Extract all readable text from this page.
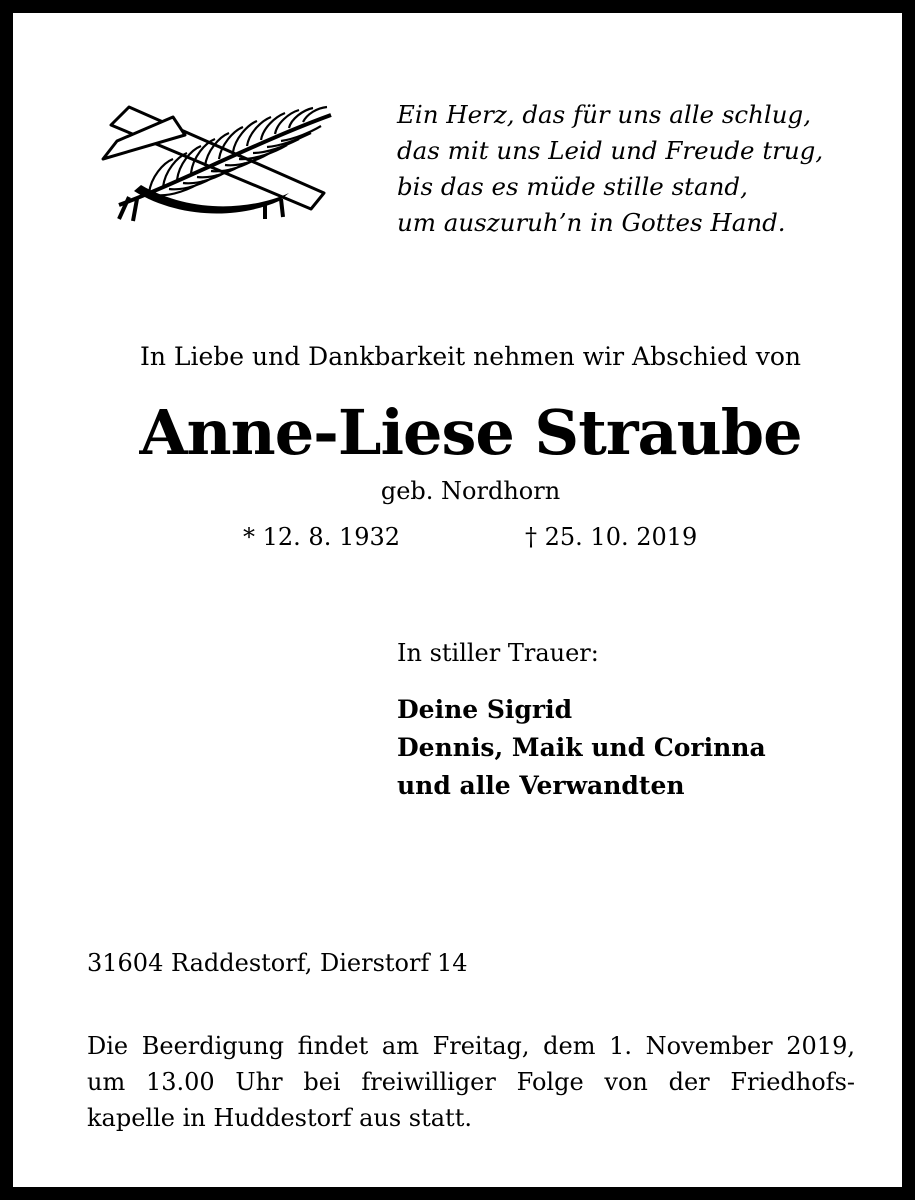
Ein Herz, das für uns alle schlug,
das mit uns Leid und Freude trug,
bis das es müde stille stand,
um auszuruh’n in Gottes Hand.
In Liebe und Dankbarkeit nehmen wir Abschied von
Anne-Liese Straube
geb. Nordhorn
* 12. 8. 1932	† 25. 10. 2019
In stiller Trauer:
Deine Sigrid
Dennis, Maik und Corinna
und alle Verwandten
31604 Raddestorf, Dierstorf 14
Die Beerdigung findet am Freitag, dem 1. November 2019,
um 13.00 Uhr bei freiwilliger Folge von der Friedhofs-
kapelle in Huddestorf aus statt.
